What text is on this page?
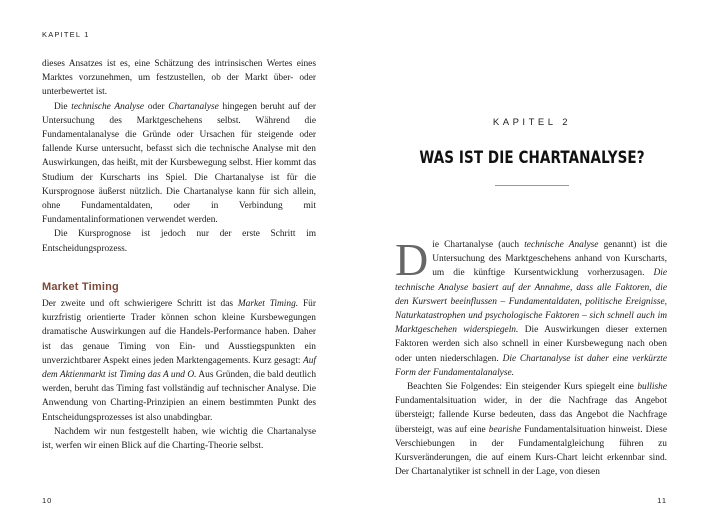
KAPITEL 1

dieses Ansatzes ist es, eine Schätzung des intrinsischen Wertes eines Marktes vorzunehmen, um festzustellen, ob der Markt über- oder unterbewertet ist.

Die technische Analyse oder Chartanalyse hingegen beruht auf der Untersuchung des Marktgeschehens selbst. Während die Fundamentalanalyse die Gründe oder Ursachen für steigende oder fallende Kurse untersucht, befasst sich die technische Analyse mit den Auswirkungen, das heißt, mit der Kursbewegung selbst. Hier kommt das Studium der Kurscharts ins Spiel. Die Chartanalyse ist für die Kursprognose äußerst nützlich. Die Chartanalyse kann für sich allein, ohne Fundamentaldaten, oder in Verbindung mit Fundamentalinformationen verwendet werden.

Die Kursprognose ist jedoch nur der erste Schritt im Entscheidungsprozess.

Market Timing

Der zweite und oft schwierigere Schritt ist das Market Timing. Für kurzfristig orientierte Trader können schon kleine Kursbewegungen dramatische Auswirkungen auf die Handels-Performance haben. Daher ist das genaue Timing von Ein- und Ausstiegspunkten ein unverzichtbarer Aspekt eines jeden Marktengagements. Kurz gesagt: Auf dem Aktienmarkt ist Timing das A und O. Aus Gründen, die bald deutlich werden, beruht das Timing fast vollständig auf technischer Analyse. Die Anwendung von Charting-Prinzipien an einem bestimmten Punkt des Entscheidungsprozesses ist also unabdingbar.

Nachdem wir nun festgestellt haben, wie wichtig die Chartanalyse ist, werfen wir einen Blick auf die Charting-Theorie selbst.

10
KAPITEL 2
WAS IST DIE CHARTANALYSE?

Die Chartanalyse (auch technische Analyse genannt) ist die Untersuchung des Marktgeschehens anhand von Kurscharts, um die künftige Kursentwicklung vorherzusagen. Die technische Analyse basiert auf der Annahme, dass alle Faktoren, die den Kurswert beeinflussen – Fundamentaldaten, politische Ereignisse, Naturkatastrophen und psychologische Faktoren – sich schnell auch im Marktgeschehen widerspiegeln. Die Auswirkungen dieser externen Faktoren werden sich also schnell in einer Kursbewegung nach oben oder unten niederschlagen. Die Chartanalyse ist daher eine verkürzte Form der Fundamentalanalyse.

Beachten Sie Folgendes: Ein steigender Kurs spiegelt eine bullishe Fundamentalsituation wider, in der die Nachfrage das Angebot übersteigt; fallende Kurse bedeuten, dass das Angebot die Nachfrage übersteigt, was auf eine bearishe Fundamentalsituation hinweist. Diese Verschiebungen in der Fundamentalgleichung führen zu Kursveränderungen, die auf einem Kurs-Chart leicht erkennbar sind. Der Chartanalytiker ist schnell in der Lage, von diesen

11
